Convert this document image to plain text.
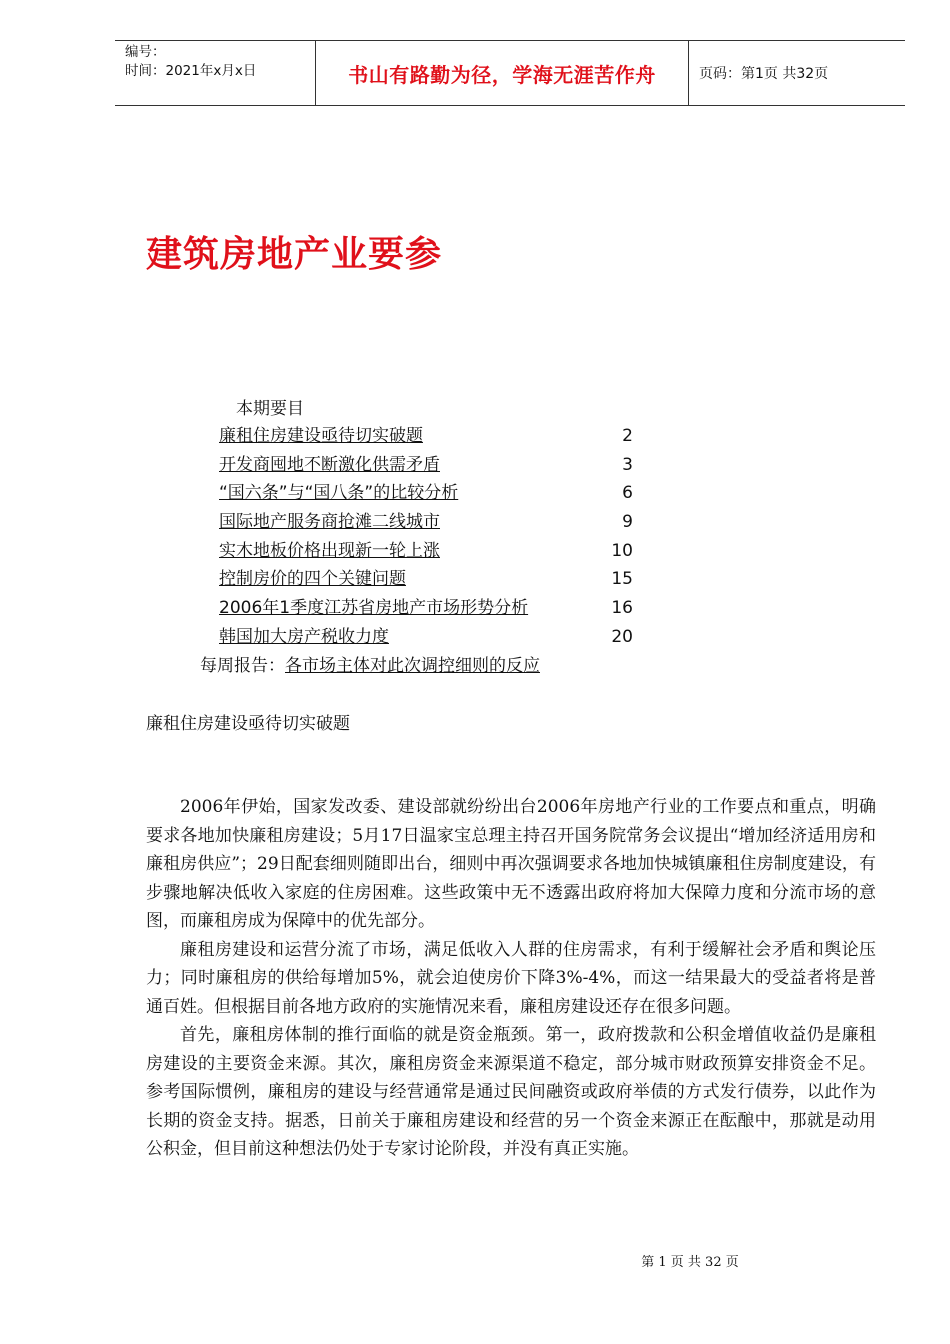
编号：
时间：2021年x月x日	书山有路勤为径，学海无涯苦作舟	页码：第1页 共32页
建筑房地产业要参
本期要目
廉租住房建设亟待切实破题	2
开发商囤地不断激化供需矛盾	3
“国六条”与“国八条”的比较分析	6
国际地产服务商抢滩二线城市	9
实木地板价格出现新一轮上涨	10
控制房价的四个关键问题	15
2006年1季度江苏省房地产市场形势分析	16
韩国加大房产税收力度	20
每周报告：各市场主体对此次调控细则的反应
廉租住房建设亟待切实破题

2006年伊始，国家发改委、建设部就纷纷出台2006年房地产行业的工作要点和重点，明确要求各地加快廉租房建设；5月17日温家宝总理主持召开国务院常务会议提出“增加经济适用房和廉租房供应”；29日配套细则随即出台，细则中再次强调要求各地加快城镇廉租住房制度建设，有步骤地解决低收入家庭的住房困难。这些政策中无不透露出政府将加大保障力度和分流市场的意图，而廉租房成为保障中的优先部分。

廉租房建设和运营分流了市场，满足低收入人群的住房需求，有利于缓解社会矛盾和舆论压力；同时廉租房的供给每增加5%，就会迫使房价下降3%-4%，而这一结果最大的受益者将是普通百姓。但根据目前各地方政府的实施情况来看，廉租房建设还存在很多问题。

首先，廉租房体制的推行面临的就是资金瓶颈。第一，政府拨款和公积金增值收益仍是廉租房建设的主要资金来源。其次，廉租房资金来源渠道不稳定，部分城市财政预算安排资金不足。参考国际惯例，廉租房的建设与经营通常是通过民间融资或政府举债的方式发行债券，以此作为长期的资金支持。据悉，日前关于廉租房建设和经营的另一个资金来源正在酝酿中，那就是动用公积金，但目前这种想法仍处于专家讨论阶段，并没有真正实施。

第 1 页 共 32 页
